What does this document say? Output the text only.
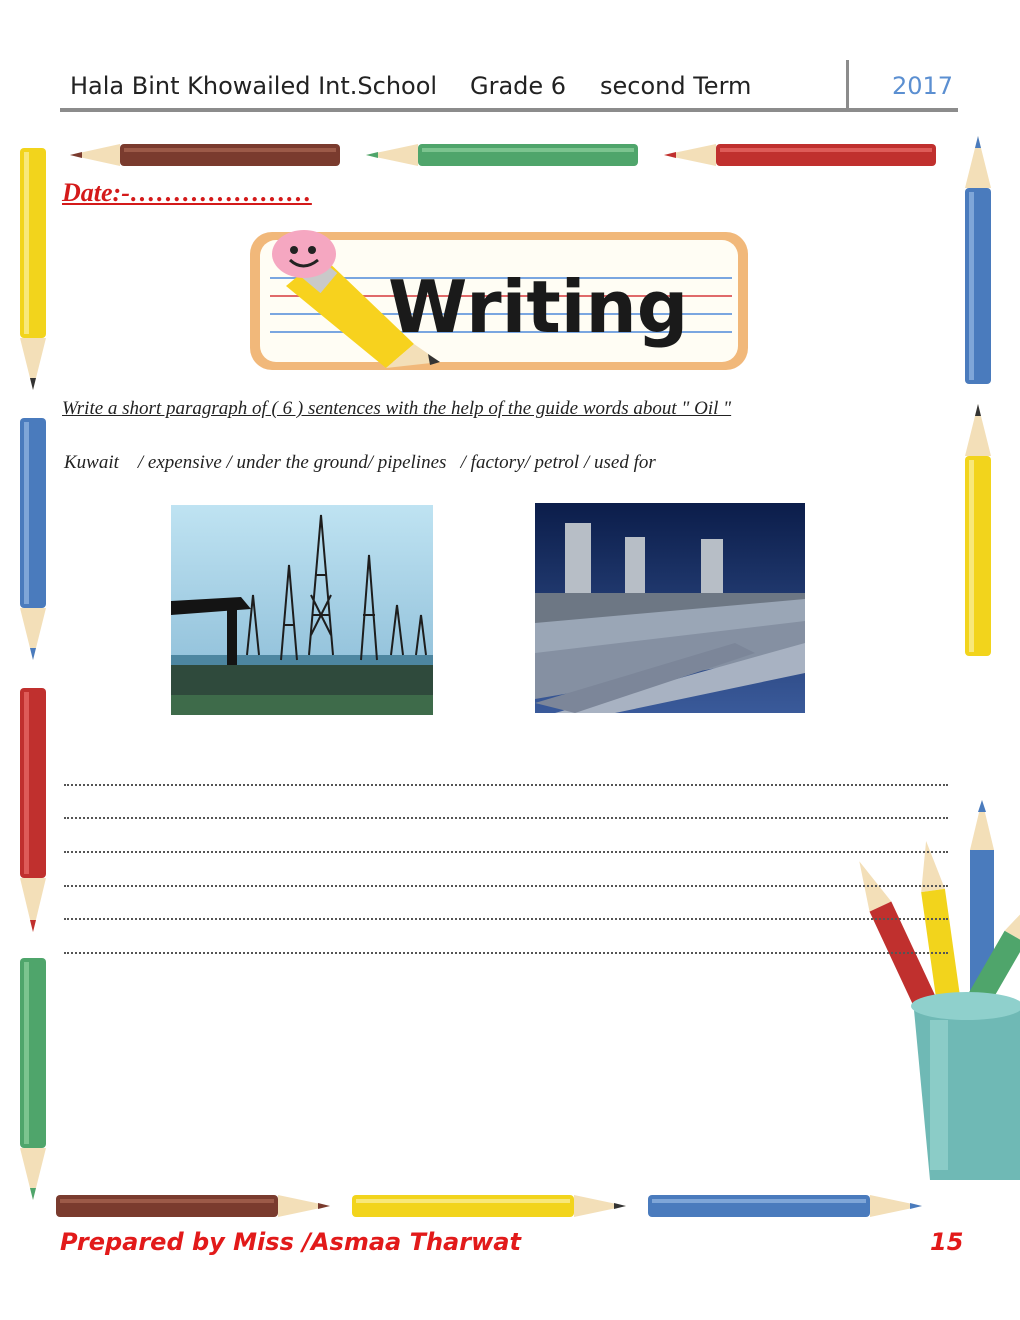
Hala Bint Khowailed Int.School Grade 6 second Term	2017
Date:-…………………
Writing
Write a short paragraph of ( 6 ) sentences with the help of the guide words about " Oil "
Kuwait    / expensive / under the ground/ pipelines   / factory/ petrol / used for
Prepared by Miss /Asmaa Tharwat	15
